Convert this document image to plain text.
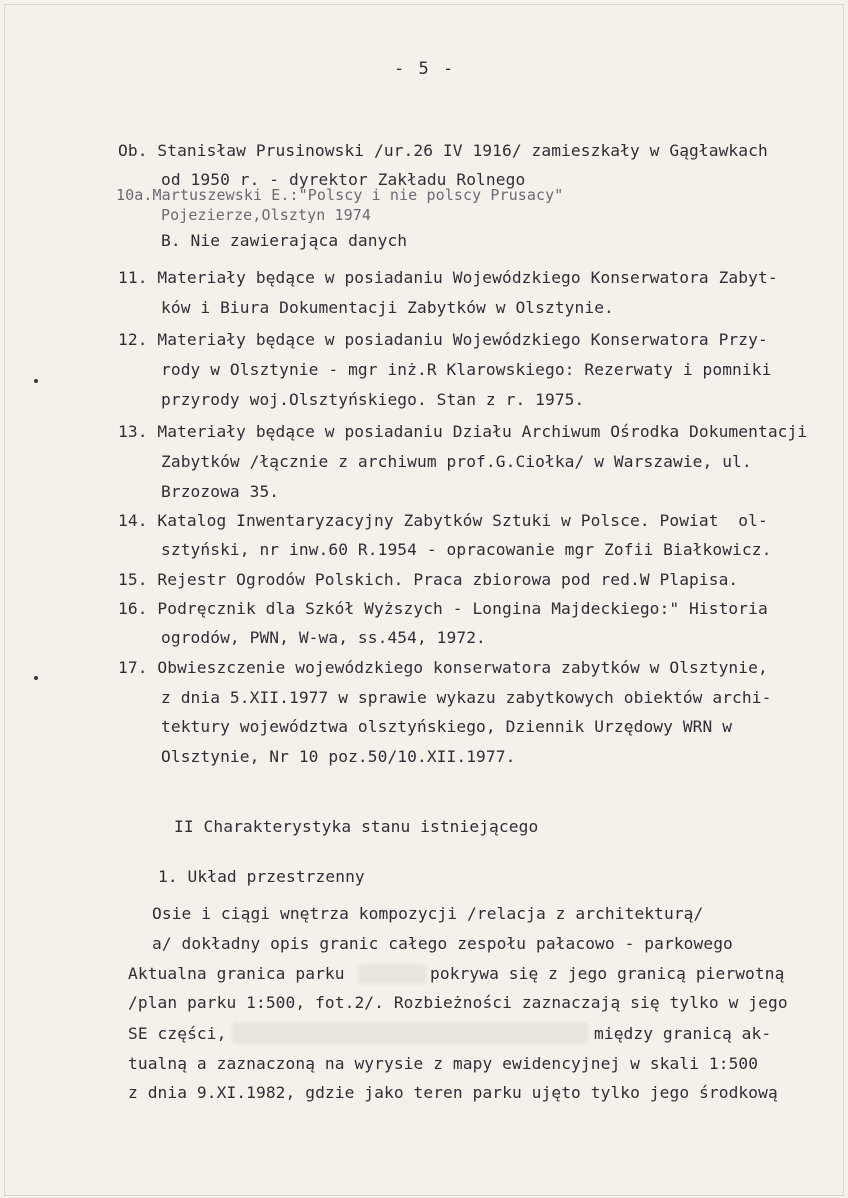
- 5 -
Ob. Stanisław Prusinowski /ur.26 IV 1916/ zamieszkały w Gągławkach
od 1950 r. - dyrektor Zakładu Rolnego
10a.Martuszewski E.:"Polscy i nie polscy Prusacy"
Pojezierze,Olsztyn 1974
B. Nie zawierająca danych
11. Materiały będące w posiadaniu Wojewódzkiego Konserwatora Zabyt-
ków i Biura Dokumentacji Zabytków w Olsztynie.
12. Materiały będące w posiadaniu Wojewódzkiego Konserwatora Przy-
rody w Olsztynie - mgr inż.R Klarowskiego: Rezerwaty i pomniki
przyrody woj.Olsztyńskiego. Stan z r. 1975.
13. Materiały będące w posiadaniu Działu Archiwum Ośrodka Dokumentacji
Zabytków /łącznie z archiwum prof.G.Ciołka/ w Warszawie, ul.
Brzozowa 35.
14. Katalog Inwentaryzacyjny Zabytków Sztuki w Polsce. Powiat  ol-
sztyński, nr inw.60 R.1954 - opracowanie mgr Zofii Białkowicz.
15. Rejestr Ogrodów Polskich. Praca zbiorowa pod red.W Plapisa.
16. Podręcznik dla Szkół Wyższych - Longina Majdeckiego:" Historia
ogrodów, PWN, W-wa, ss.454, 1972.
17. Obwieszczenie wojewódzkiego konserwatora zabytków w Olsztynie,
z dnia 5.XII.1977 w sprawie wykazu zabytkowych obiektów archi-
tektury województwa olsztyńskiego, Dziennik Urzędowy WRN w
Olsztynie, Nr 10 poz.50/10.XII.1977.
II Charakterystyka stanu istniejącego
1. Układ przestrzenny
Osie i ciągi wnętrza kompozycji /relacja z architekturą/
a/ dokładny opis granic całego zespołu pałacowo - parkowego
Aktualna granica parku	pokrywa się z jego granicą pierwotną
/plan parku 1:500, fot.2/. Rozbieżności zaznaczają się tylko w jego
SE części,	między granicą ak-
tualną a zaznaczoną na wyrysie z mapy ewidencyjnej w skali 1:500
z dnia 9.XI.1982, gdzie jako teren parku ujęto tylko jego środkową
